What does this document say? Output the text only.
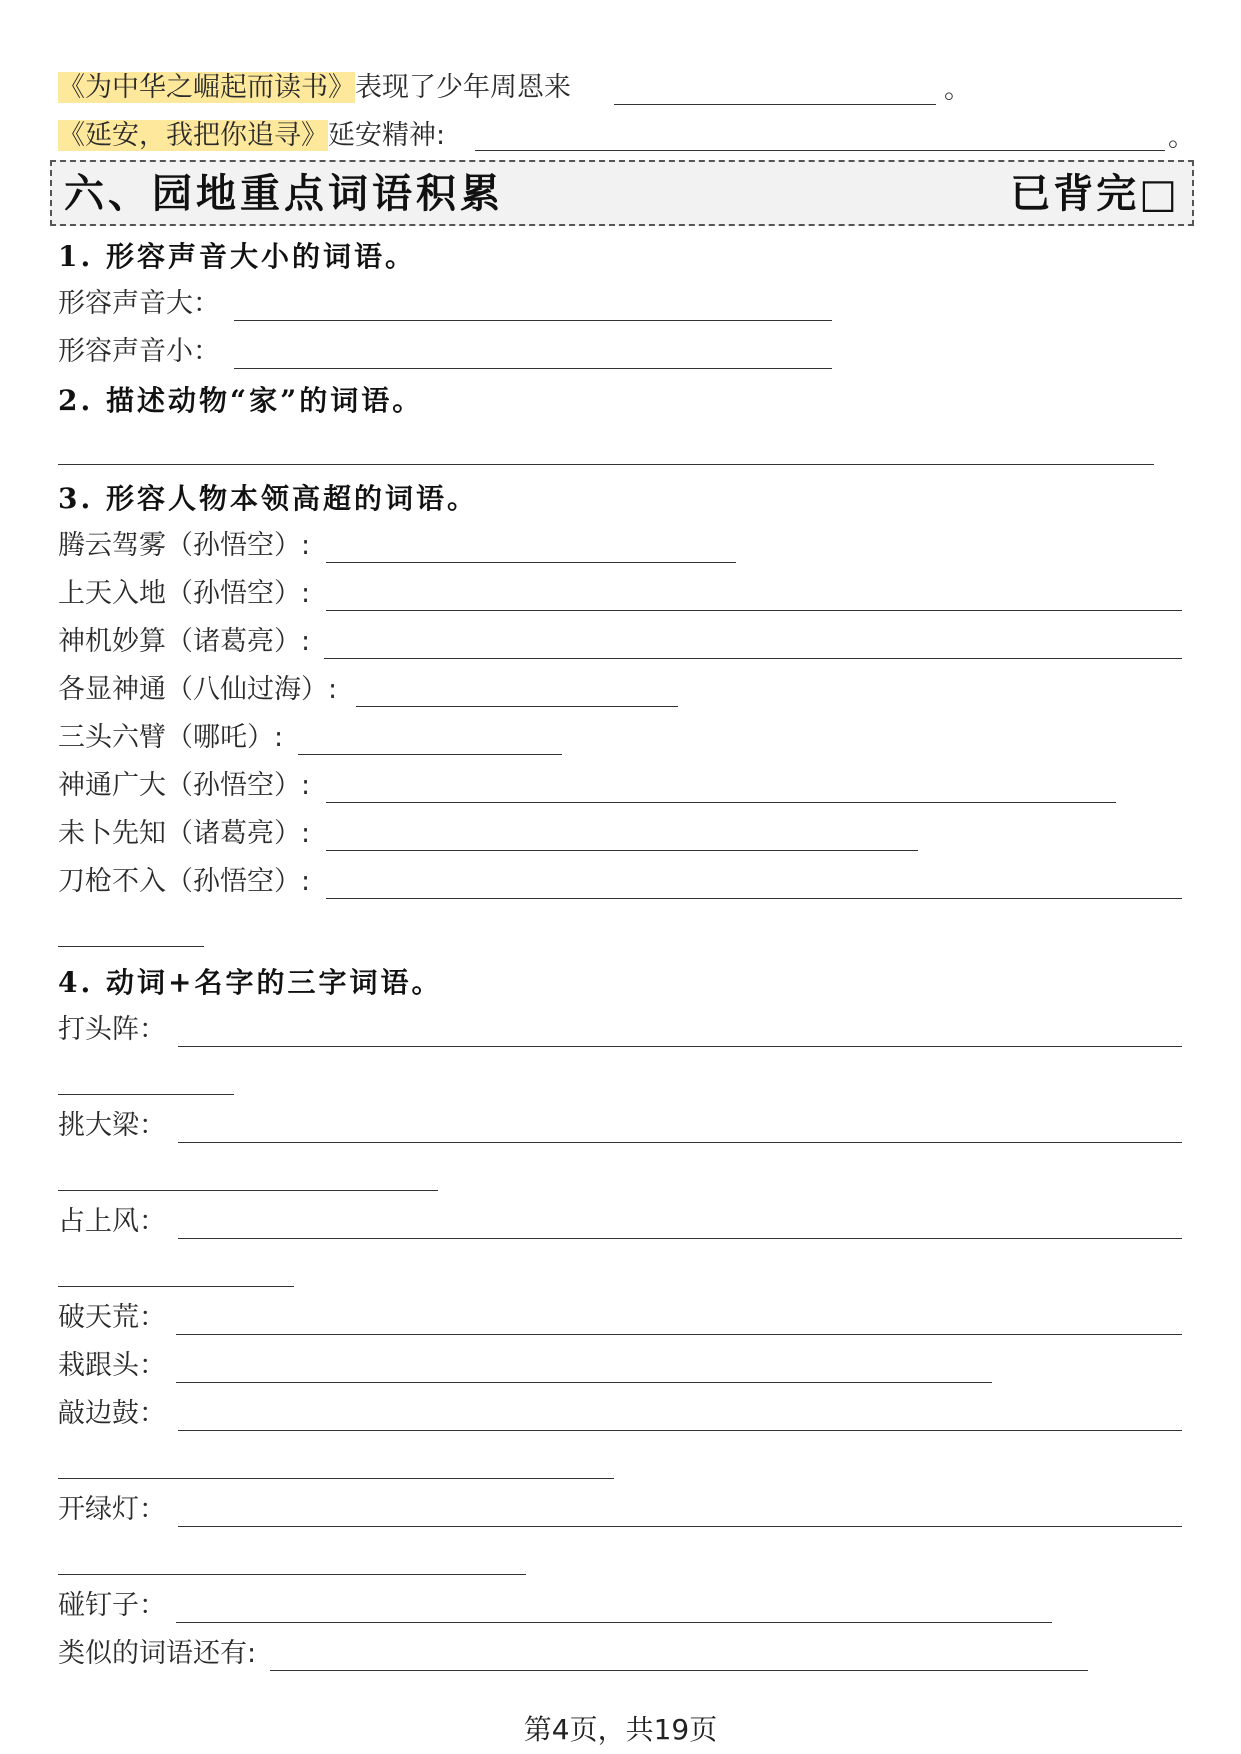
《为中华之崛起而读书》表现了少年周恩来	。
《延安，我把你追寻》延安精神:	。
六、园地重点词语积累	已背完□
1. 形容声音大小的词语。
形容声音大：
形容声音小：
2. 描述动物“家”的词语。
3. 形容人物本领高超的词语。
腾云驾雾（孙悟空）:
上天入地（孙悟空）:
神机妙算（诸葛亮）:
各显神通（八仙过海）:
三头六臂（哪吒）:
神通广大（孙悟空）:
未卜先知（诸葛亮）:
刀枪不入（孙悟空）:
4. 动词+名字的三字词语。
打头阵：
挑大梁：
占上风：
破天荒：
栽跟头：
敲边鼓：
开绿灯：
碰钉子：
类似的词语还有:
第4页，共19页
